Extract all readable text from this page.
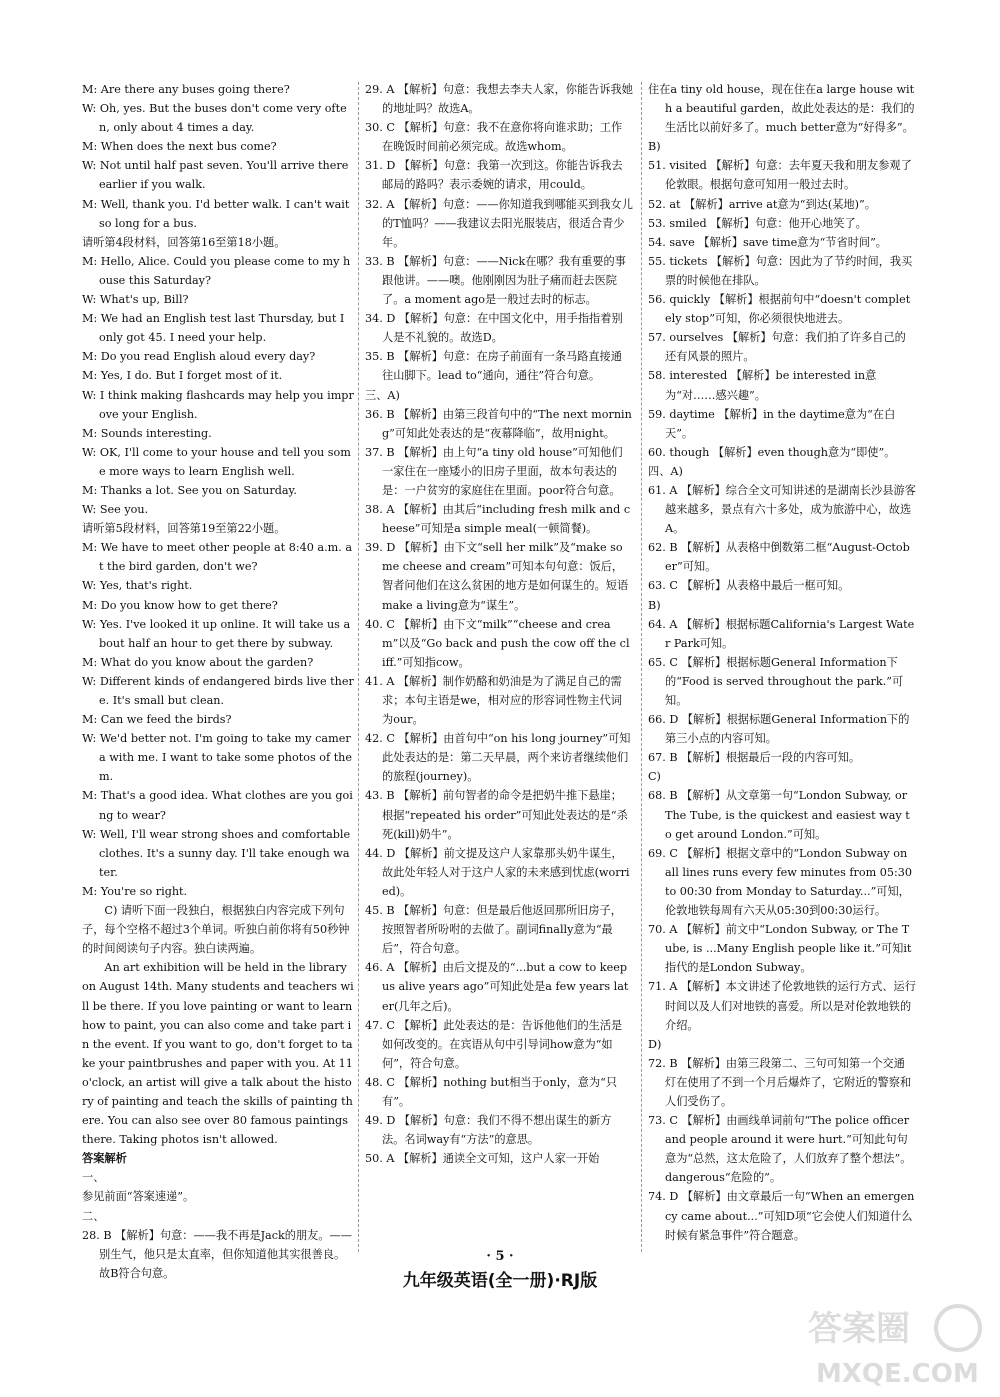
M: Are there any buses going there?
W: Oh, yes. But the buses don't come very often, only about 4 times a day.
M: When does the next bus come?
W: Not until half past seven. You'll arrive there earlier if you walk.
M: Well, thank you. I'd better walk. I can't wait so long for a bus.
请听第4段材料，回答第16至第18小题。
M: Hello, Alice. Could you please come to my house this Saturday?
W: What's up, Bill?
M: We had an English test last Thursday, but I only got 45. I need your help.
M: Do you read English aloud every day?
M: Yes, I do. But I forget most of it.
W: I think making flashcards may help you improve your English.
M: Sounds interesting.
W: OK, I'll come to your house and tell you some more ways to learn English well.
M: Thanks a lot. See you on Saturday.
W: See you.
请听第5段材料，回答第19至第22小题。
M: We have to meet other people at 8:40 a.m. at the bird garden, don't we?
W: Yes, that's right.
M: Do you know how to get there?
W: Yes. I've looked it up online. It will take us about half an hour to get there by subway.
M: What do you know about the garden?
W: Different kinds of endangered birds live there. It's small but clean.
M: Can we feed the birds?
W: We'd better not. I'm going to take my camera with me. I want to take some photos of them.
M: That's a good idea. What clothes are you going to wear?
W: Well, I'll wear strong shoes and comfortable clothes. It's a sunny day. I'll take enough water.
M: You're so right.
C) 请听下面一段独白，根据独白内容完成下列句子，每个空格不超过3个单词。听独白前你将有50秒钟的时间阅读句子内容。独白读两遍。
An art exhibition will be held in the library on August 14th. Many students and teachers will be there. If you love painting or want to learn how to paint, you can also come and take part in the event. If you want to go, don't forget to take your paintbrushes and paper with you. At 11 o'clock, an artist will give a talk about the history of painting and teach the skills of painting there. You can also see over 80 famous paintings there. Taking photos isn't allowed.
答案解析
一、
参见前面“答案速递”。
二、
28. B 【解析】句意：——我不再是Jack的朋友。——别生气，他只是太直率，但你知道他其实很善良。故B符合句意。
29. A 【解析】句意：我想去李夫人家，你能告诉我她的地址吗？故选A。
30. C 【解析】句意：我不在意你将向谁求助；工作在晚饭时间前必须完成。故选whom。
31. D 【解析】句意：我第一次到这。你能告诉我去邮局的路吗？表示委婉的请求，用could。
32. A 【解析】句意：——你知道我到哪能买到我女儿的T恤吗？——我建议去阳光服装店，很适合青少年。
33. B 【解析】句意：——Nick在哪？我有重要的事跟他讲。——噢。他刚刚因为肚子痛而赶去医院了。a moment ago是一般过去时的标志。
34. D 【解析】句意：在中国文化中，用手指指着别人是不礼貌的。故选D。
35. B 【解析】句意：在房子前面有一条马路直接通往山脚下。lead to“通向，通往”符合句意。
三、A)
36. B 【解析】由第三段首句中的“The next morning”可知此处表达的是“夜幕降临”，故用night。
37. B 【解析】由上句“a tiny old house”可知他们一家住在一座矮小的旧房子里面，故本句表达的是：一户贫穷的家庭住在里面。poor符合句意。
38. A 【解析】由其后“including fresh milk and cheese”可知是a simple meal(一顿简餐)。
39. D 【解析】由下文“sell her milk”及“make some cheese and cream”可知本句句意：饭后，智者问他们在这么贫困的地方是如何谋生的。短语make a living意为“谋生”。
40. C 【解析】由下文“milk”“cheese and cream”以及“Go back and push the cow off the cliff.”可知指cow。
41. A 【解析】制作奶酪和奶油是为了满足自己的需求；本句主语是we，相对应的形容词性物主代词为our。
42. C 【解析】由首句中“on his long journey”可知此处表达的是：第二天早晨，两个来访者继续他们的旅程(journey)。
43. B 【解析】前句智者的命令是把奶牛推下悬崖；根据“repeated his order”可知此处表达的是“杀死(kill)奶牛”。
44. D 【解析】前文提及这户人家靠那头奶牛谋生，故此处年轻人对于这户人家的未来感到忧虑(worried)。
45. B 【解析】句意：但是最后他返回那所旧房子，按照智者所吩咐的去做了。副词finally意为“最后”，符合句意。
46. A 【解析】由后文提及的“...but a cow to keep us alive years ago”可知此处是a few years later(几年之后)。
47. C 【解析】此处表达的是：告诉他他们的生活是如何改变的。在宾语从句中引导词how意为“如何”，符合句意。
48. C 【解析】nothing but相当于only，意为“只有”。
49. D 【解析】句意：我们不得不想出谋生的新方法。名词way有“方法”的意思。
50. A 【解析】通读全文可知，这户人家一开始
住在a tiny old house，现在住在a large house with a beautiful garden，故此处表达的是：我们的生活比以前好多了。much better意为“好得多”。
B)
51. visited 【解析】句意：去年夏天我和朋友参观了伦敦眼。根据句意可知用一般过去时。
52. at 【解析】arrive at意为“到达(某地)”。
53. smiled 【解析】句意：他开心地笑了。
54. save 【解析】save time意为“节省时间”。
55. tickets 【解析】句意：因此为了节约时间，我买票的时候他在排队。
56. quickly 【解析】根据前句中“doesn't completely stop”可知，你必须很快地进去。
57. ourselves 【解析】句意：我们拍了许多自己的还有风景的照片。
58. interested 【解析】be interested in意为“对……感兴趣”。
59. daytime 【解析】in the daytime意为“在白天”。
60. though 【解析】even though意为“即使”。
四、A)
61. A 【解析】综合全文可知讲述的是湖南长沙县游客越来越多，景点有六十多处，成为旅游中心，故选A。
62. B 【解析】从表格中倒数第二框“August-October”可知。
63. C 【解析】从表格中最后一框可知。
B)
64. A 【解析】根据标题California's Largest Water Park可知。
65. C 【解析】根据标题General Information下的“Food is served throughout the park.”可知。
66. D 【解析】根据标题General Information下的第三小点的内容可知。
67. B 【解析】根据最后一段的内容可知。
C)
68. B 【解析】从文章第一句“London Subway, or The Tube, is the quickest and easiest way to get around London.”可知。
69. C 【解析】根据文章中的“London Subway on all lines runs every few minutes from 05:30 to 00:30 from Monday to Saturday...”可知，伦敦地铁每周有六天从05:30到00:30运行。
70. A 【解析】前文中“London Subway, or The Tube, is ...Many English people like it.”可知it指代的是London Subway。
71. A 【解析】本文讲述了伦敦地铁的运行方式、运行时间以及人们对地铁的喜爱。所以是对伦敦地铁的介绍。
D)
72. B 【解析】由第三段第二、三句可知第一个交通灯在使用了不到一个月后爆炸了，它附近的警察和人们受伤了。
73. C 【解析】由画线单词前句“The police officer and people around it were hurt.”可知此句句意为“总然，这太危险了，人们放弃了整个想法”。dangerous“危险的”。
74. D 【解析】由文章最后一句“When an emergency came about...”可知D项“它会使人们知道什么时候有紧急事件”符合题意。
· 5 ·
九年级英语(全一册)·RJ版
答案圈
MXQE.COM
